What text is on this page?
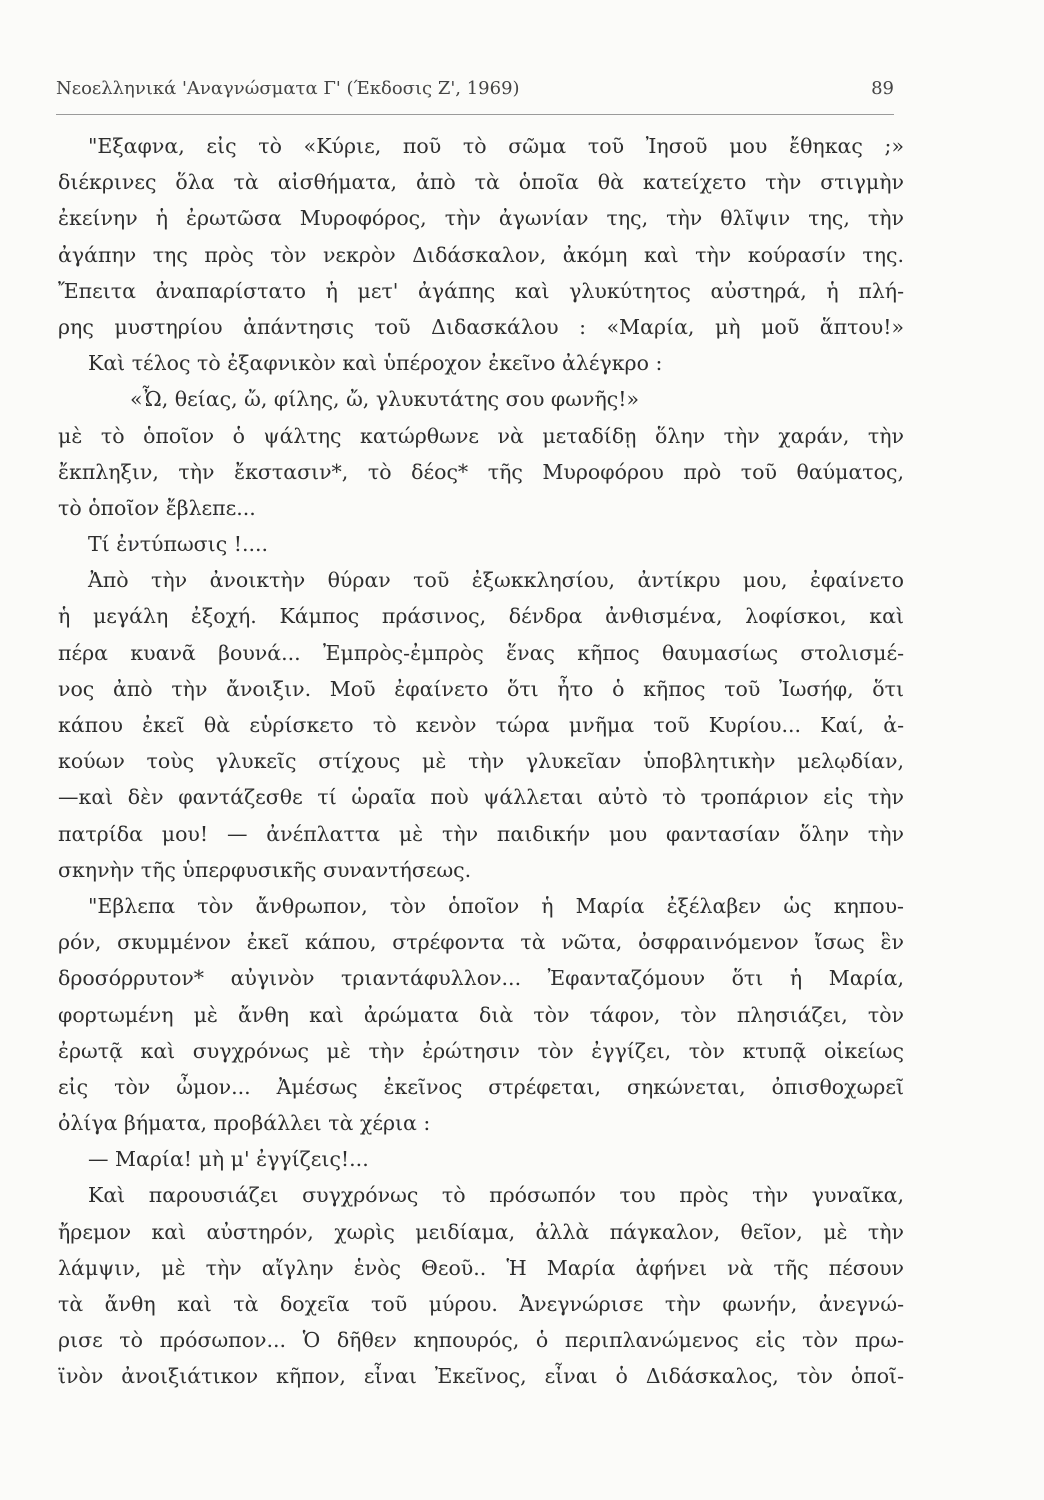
Νεοελληνικά 'Αναγνώσματα Γ' (Έκδοσις Ζ', 1969)	89
"Εξαφνα, εἰς τὸ «Κύριε, ποῦ τὸ σῶμα τοῦ Ἰησοῦ μου ἔθηκας ;»
διέκρινες ὅλα τὰ αἰσθήματα, ἀπὸ τὰ ὁποῖα θὰ κατείχετο τὴν στιγμὴν
ἐκείνην ἡ ἐρωτῶσα Μυροφόρος, τὴν ἀγωνίαν της, τὴν θλῖψιν της, τὴν
ἀγάπην της πρὸς τὸν νεκρὸν Διδάσκαλον, ἀκόμη καὶ τὴν κούρασίν της.
Ἔπειτα ἀναπαρίστατο ἡ μετ' ἀγάπης καὶ γλυκύτητος αὐστηρά, ἡ πλή-
ρης μυστηρίου ἀπάντησις τοῦ Διδασκάλου : «Μαρία, μὴ μοῦ ἅπτου!»
Καὶ τέλος τὸ ἐξαφνικὸν καὶ ὑπέροχον ἐκεῖνο ἀλέγκρο :
«Ὦ, θείας, ὤ, φίλης, ὤ, γλυκυτάτης σου φωνῆς!»
μὲ τὸ ὁποῖον ὁ ψάλτης κατώρθωνε νὰ μεταδίδῃ ὅλην τὴν χαράν, τὴν
ἔκπληξιν, τὴν ἔκστασιν*, τὸ δέος* τῆς Μυροφόρου πρὸ τοῦ θαύματος,
τὸ ὁποῖον ἔβλεπε...
Τί ἐντύπωσις !....
Ἀπὸ τὴν ἀνοικτὴν θύραν τοῦ ἐξωκκλησίου, ἀντίκρυ μου, ἐφαίνετο
ἡ μεγάλη ἐξοχή. Κάμπος πράσινος, δένδρα ἀνθισμένα, λοφίσκοι, καὶ
πέρα κυανᾶ βουνά... Ἐμπρὸς-ἐμπρὸς ἕνας κῆπος θαυμασίως στολισμέ-
νος ἀπὸ τὴν ἄνοιξιν. Μοῦ ἐφαίνετο ὅτι ἦτο ὁ κῆπος τοῦ Ἰωσήφ, ὅτι
κάπου ἐκεῖ θὰ εὑρίσκετο τὸ κενὸν τώρα μνῆμα τοῦ Κυρίου... Καί, ἀ-
κούων τοὺς γλυκεῖς στίχους μὲ τὴν γλυκεῖαν ὑποβλητικὴν μελῳδίαν,
—καὶ δὲν φαντάζεσθε τί ὡραῖα ποὺ ψάλλεται αὐτὸ τὸ τροπάριον εἰς τὴν
πατρίδα μου! — ἀνέπλαττα μὲ τὴν παιδικήν μου φαντασίαν ὅλην τὴν
σκηνὴν τῆς ὑπερφυσικῆς συναντήσεως.
"Εβλεπα τὸν ἄνθρωπον, τὸν ὁποῖον ἡ Μαρία ἐξέλαβεν ὡς κηπου-
ρόν, σκυμμένον ἐκεῖ κάπου, στρέφοντα τὰ νῶτα, ὀσφραινόμενον ἴσως ἓν
δροσόρρυτον* αὐγινὸν τριαντάφυλλον... Ἐφανταζόμουν ὅτι ἡ Μαρία,
φορτωμένη μὲ ἄνθη καὶ ἀρώματα διὰ τὸν τάφον, τὸν πλησιάζει, τὸν
ἐρωτᾷ καὶ συγχρόνως μὲ τὴν ἐρώτησιν τὸν ἐγγίζει, τὸν κτυπᾷ οἰκείως
εἰς τὸν ὦμον... Ἀμέσως ἐκεῖνος στρέφεται, σηκώνεται, ὀπισθοχωρεῖ
ὀλίγα βήματα, προβάλλει τὰ χέρια :
— Μαρία! μὴ μ' ἐγγίζεις!...
Καὶ παρουσιάζει συγχρόνως τὸ πρόσωπόν του πρὸς τὴν γυναῖκα,
ἤρεμον καὶ αὐστηρόν, χωρὶς μειδίαμα, ἀλλὰ πάγκαλον, θεῖον, μὲ τὴν
λάμψιν, μὲ τὴν αἴγλην ἑνὸς Θεοῦ.. Ἡ Μαρία ἀφήνει νὰ τῆς πέσουν
τὰ ἄνθη καὶ τὰ δοχεῖα τοῦ μύρου. Ἀνεγνώρισε τὴν φωνήν, ἀνεγνώ-
ρισε τὸ πρόσωπον... Ὁ δῆθεν κηπουρός, ὁ περιπλανώμενος εἰς τὸν πρω-
ϊνὸν ἀνοιξιάτικον κῆπον, εἶναι Ἐκεῖνος, εἶναι ὁ Διδάσκαλος, τὸν ὁποῖ-
